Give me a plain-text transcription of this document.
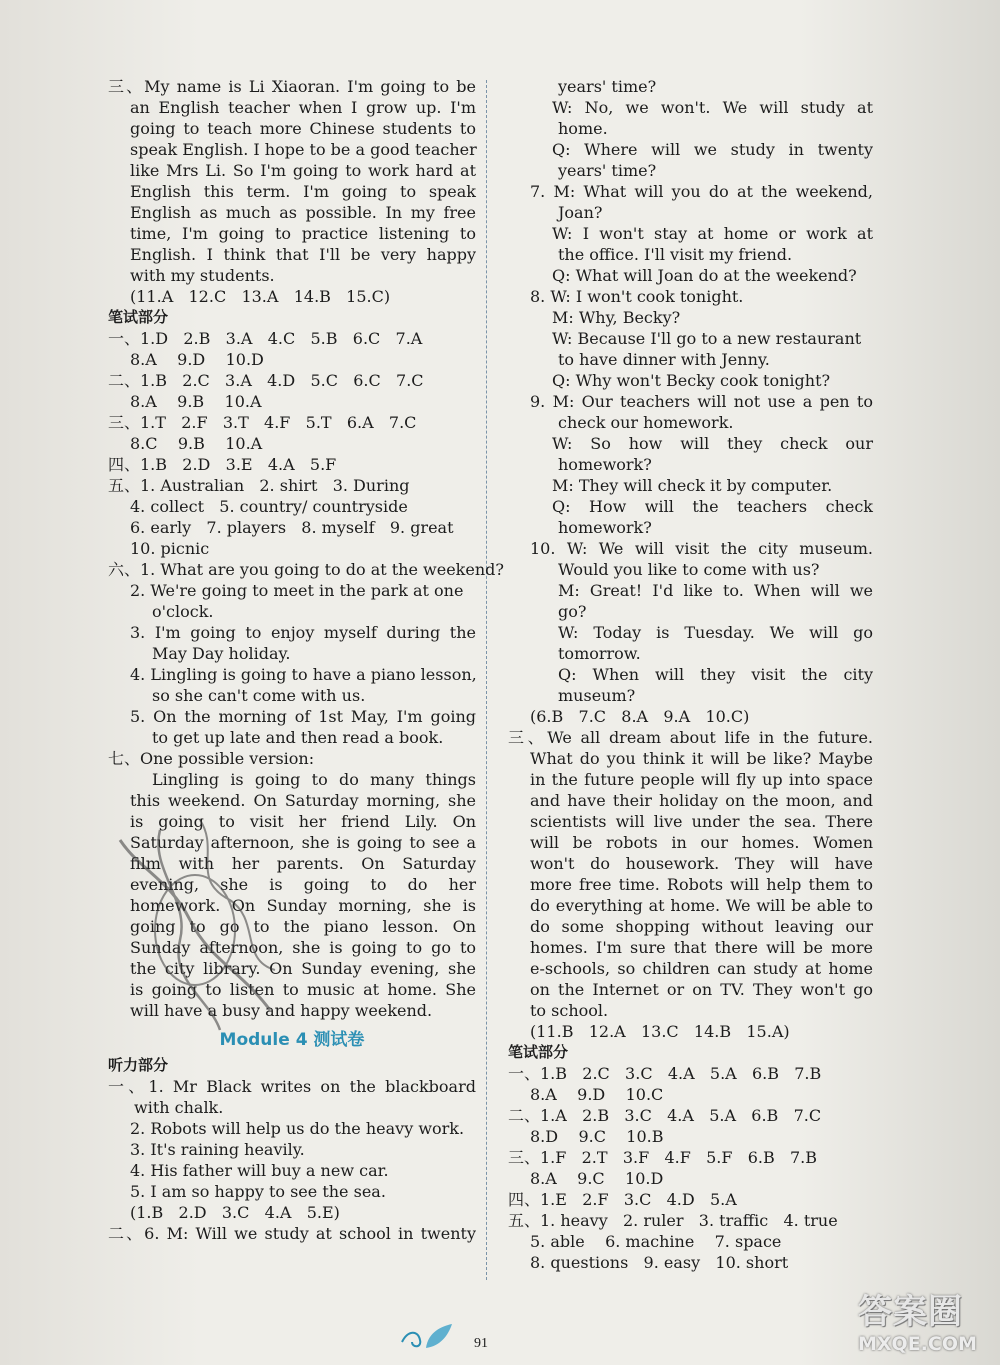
三、My name is Li Xiaoran. I'm going to be
an English teacher when I grow up. I'm
going to teach more Chinese students to
speak English. I hope to be a good teacher
like Mrs Li. So I'm going to work hard at
English this term. I'm going to speak
English as much as possible. In my free
time, I'm going to practice listening to
English. I think that I'll be very happy
with my students.
(11.A   12.C   13.A   14.B   15.C)
笔试部分
一、1.D   2.B   3.A   4.C   5.B   6.C   7.A
8.A    9.D    10.D
二、1.B   2.C   3.A   4.D   5.C   6.C   7.C
8.A    9.B    10.A
三、1.T   2.F   3.T   4.F   5.T   6.A   7.C
8.C    9.B    10.A
四、1.B   2.D   3.E   4.A   5.F
五、1. Australian   2. shirt   3. During
4. collect   5. country/ countryside
6. early   7. players   8. myself   9. great
10. picnic
六、1. What are you going to do at the weekend?
2. We're going to meet in the park at one
o'clock.
3. I'm going to enjoy myself during the
May Day holiday.
4. Lingling is going to have a piano lesson,
so she can't come with us.
5. On the morning of 1st May, I'm going
to get up late and then read a book.
七、One possible version:
Lingling is going to do many things
this weekend. On Saturday morning, she
is going to visit her friend Lily. On
Saturday afternoon, she is going to see a
film with her parents. On Saturday
evening, she is going to do her
homework. On Sunday morning, she is
going to go to the piano lesson. On
Sunday afternoon, she is going to go to
the city library. On Sunday evening, she
is going to listen to music at home. She
will have a busy and happy weekend.
Module 4 测试卷
听力部分
一、1. Mr Black writes on the blackboard
with chalk.
2. Robots will help us do the heavy work.
3. It's raining heavily.
4. His father will buy a new car.
5. I am so happy to see the sea.
(1.B   2.D   3.C   4.A   5.E)
二、6. M: Will we study at school in twenty
years' time?
W: No, we won't. We will study at
home.
Q: Where will we study in twenty
years' time?
7. M: What will you do at the weekend,
Joan?
W: I won't stay at home or work at
the office. I'll visit my friend.
Q: What will Joan do at the weekend?
8. W: I won't cook tonight.
M: Why, Becky?
W: Because I'll go to a new restaurant
to have dinner with Jenny.
Q: Why won't Becky cook tonight?
9. M: Our teachers will not use a pen to
check our homework.
W: So how will they check our
homework?
M: They will check it by computer.
Q: How will the teachers check
homework?
10. W: We will visit the city museum.
Would you like to come with us?
M: Great! I'd like to. When will we
go?
W: Today is Tuesday. We will go
tomorrow.
Q: When will they visit the city
museum?
(6.B   7.C   8.A   9.A   10.C)
三、We all dream about life in the future.
What do you think it will be like? Maybe
in the future people will fly up into space
and have their holiday on the moon, and
scientists will live under the sea. There
will be robots in our homes. Women
won't do housework. They will have
more free time. Robots will help them to
do everything at home. We will be able to
do some shopping without leaving our
homes. I'm sure that there will be more
e-schools, so children can study at home
on the Internet or on TV. They won't go
to school.
(11.B   12.A   13.C   14.B   15.A)
笔试部分
一、1.B   2.C   3.C   4.A   5.A   6.B   7.B
8.A    9.D    10.C
二、1.A   2.B   3.C   4.A   5.A   6.B   7.C
8.D    9.C    10.B
三、1.F   2.T   3.F   4.F   5.F   6.B   7.B
8.A    9.C    10.D
四、1.E   2.F   3.C   4.D   5.A
五、1. heavy   2. ruler   3. traffic   4. true
5. able    6. machine    7. space
8. questions   9. easy   10. short
91
答案圈
MXQE.COM
